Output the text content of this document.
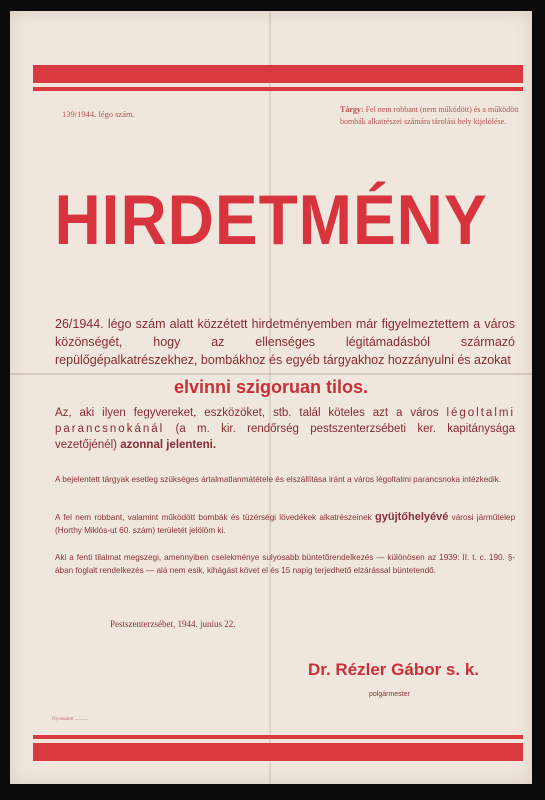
139/1944. légo szám.	Tárgy: Fel nem robbant (nem működött) és a működött bombák alkatrészei számára tárolási hely kijelölése.
HIRDETMÉNY
26/1944. légo szám alatt közzétett hirdetményemben már figyelmeztettem a város közönségét, hogy az ellenséges légitámadásból származó repülőgépalkatrészekhez, bombákhoz és egyéb tárgyakhoz hozzányulni és azokat
elvinni szigoruan tilos.
Az, aki ilyen fegyvereket, eszközöket, stb. talál köteles azt a város légoltalmi parancsnokánál (a m. kir. rendőrség pestszenterzsébeti ker. kapitánysága vezetőjénél) azonnal jelenteni.
A bejelentett tárgyak esetleg szükséges ártalmatlanmátétele és elszállítása iránt a város légoltalmi parancsnoka intézkedik.
A fel nem robbant, valamint működött bombák és tüzérségi lövedékek alkatrészeinek gyüjtőhelyévé városi járműtelep (Horthy Miklós-ut 60. szám) területét jelölöm ki.
Aki a fenti tilalmat megszegi, amennyiben cselekménye sulyosabb büntetőrendelkezés — különösen az 1939: II. t. c. 190. §-ában foglalt rendelkezés — alá nem esik, kihágást követ el és 15 napig terjedhető elzárással büntetendő.
Pestszenterzsébet, 1944. junius 22.
Dr. Rézler Gábor s. k.
polgármester
Nyomatott ...........
